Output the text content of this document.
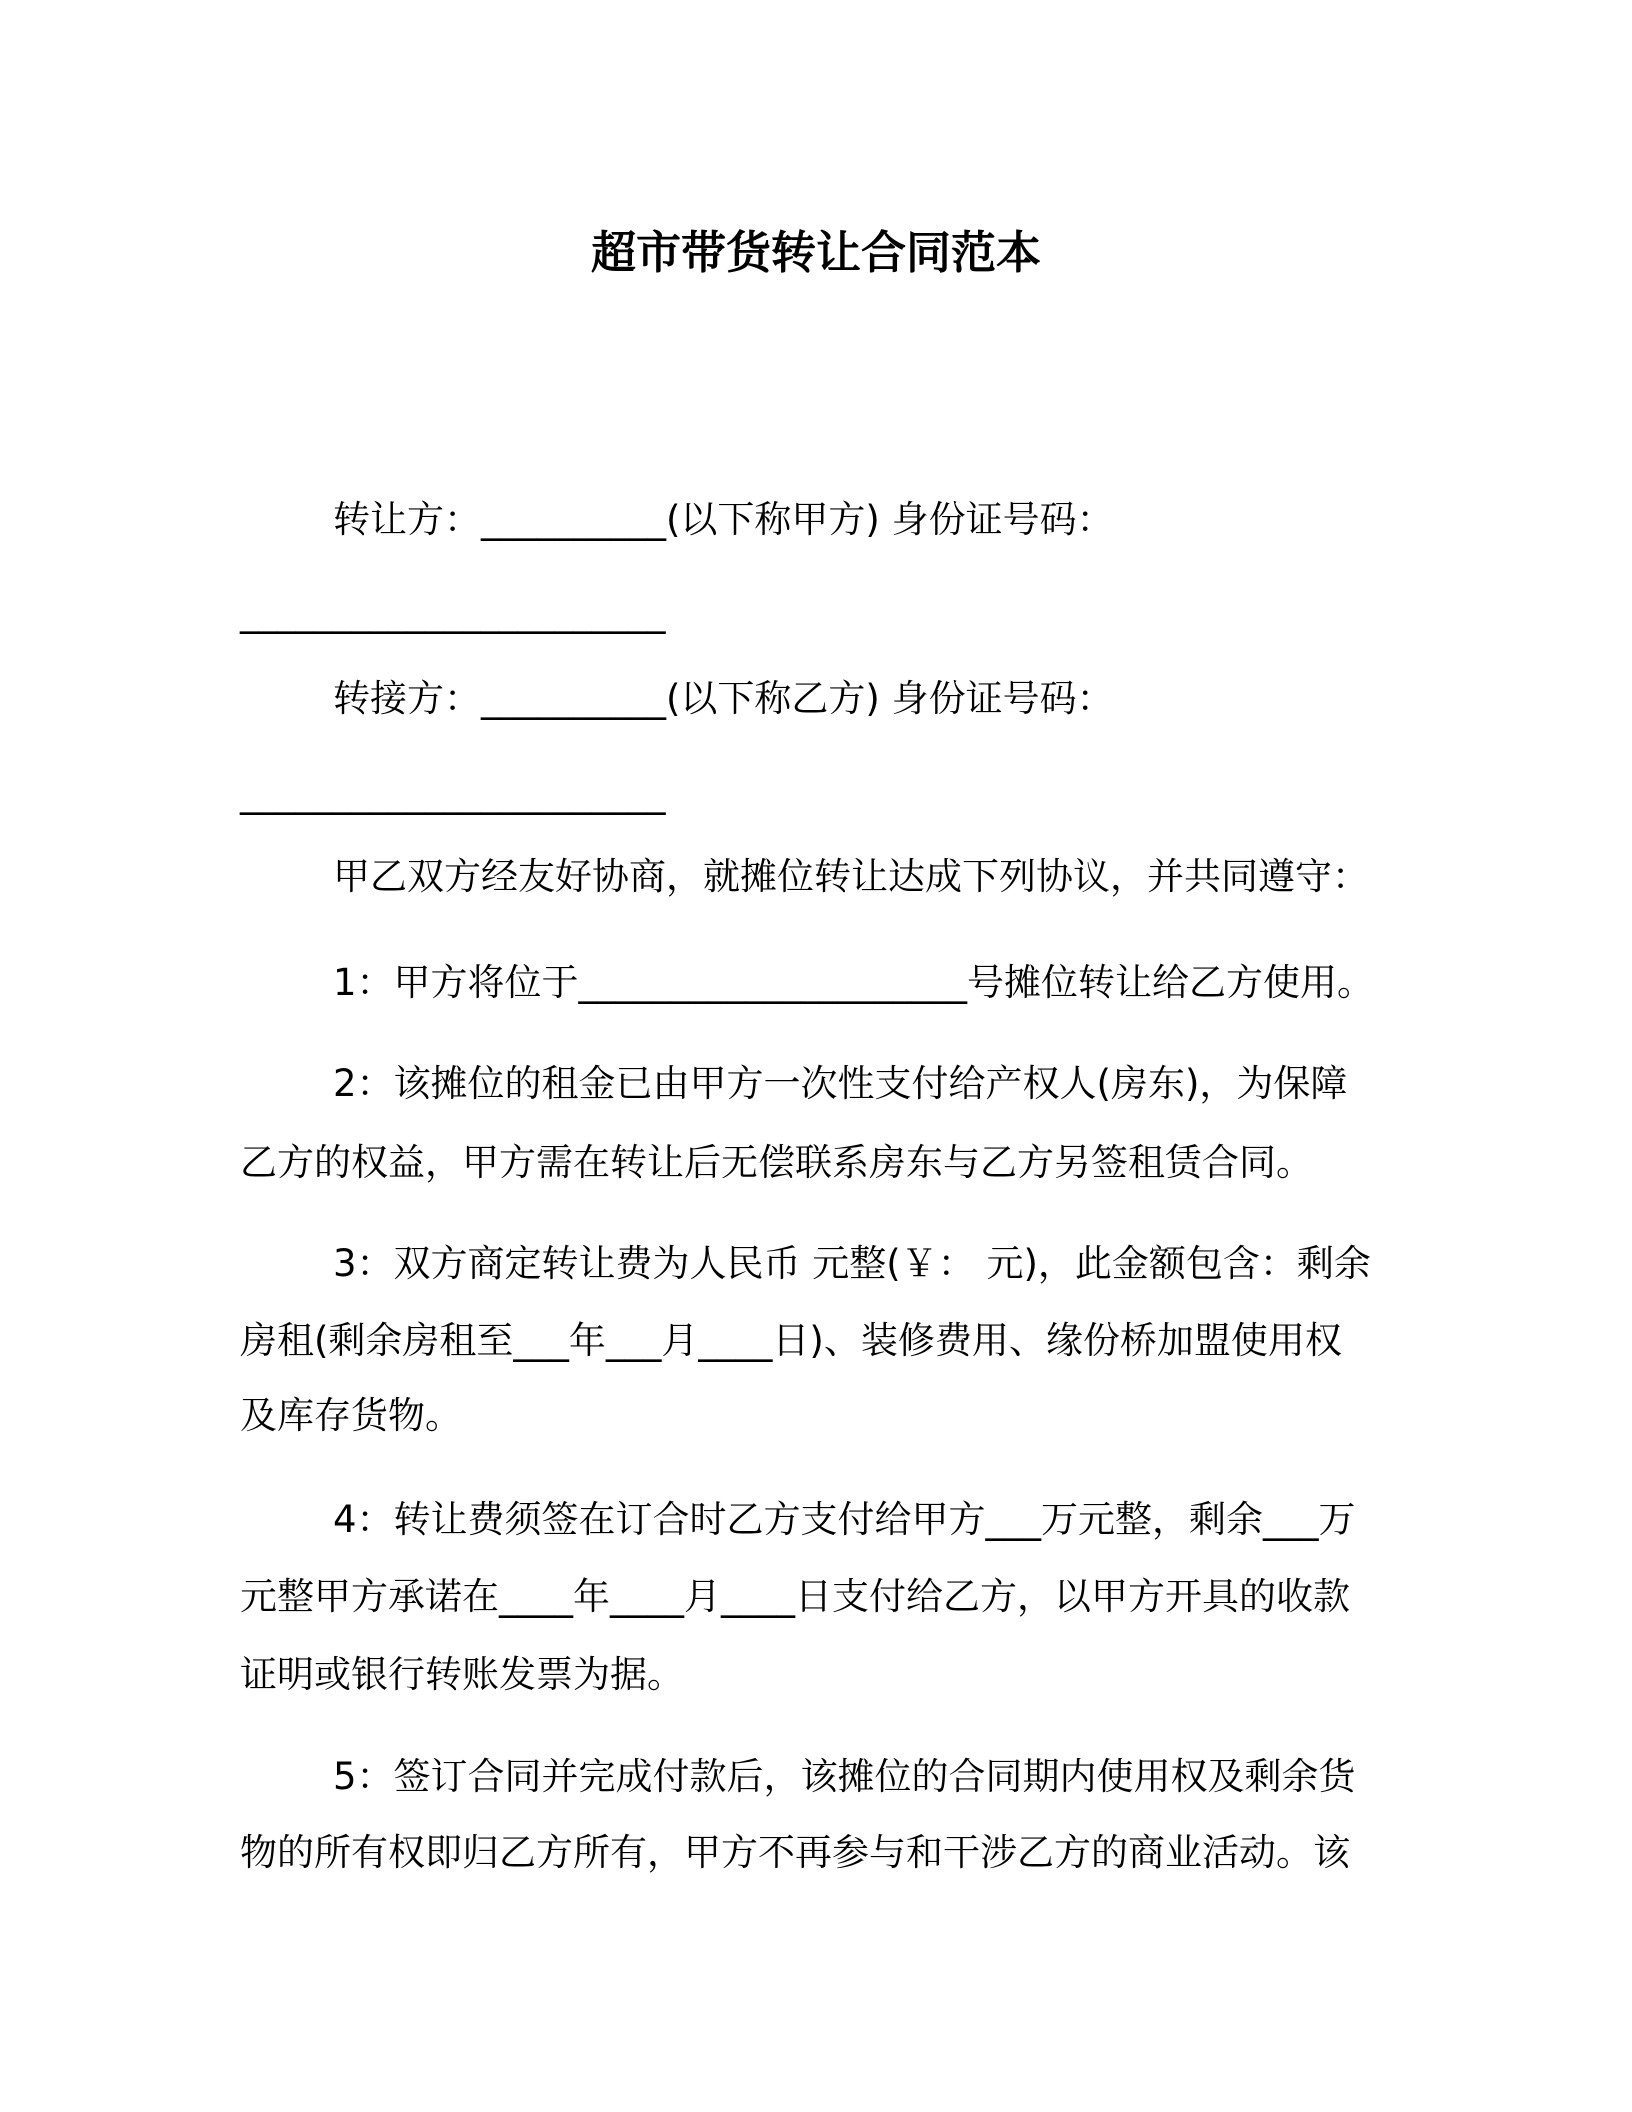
超市带货转让合同范本
转让方：__________(以下称甲方) 身份证号码：
_______________________
转接方：__________(以下称乙方) 身份证号码：
_______________________
甲乙双方经友好协商，就摊位转让达成下列协议，并共同遵守：
1：甲方将位于_____________________号摊位转让给乙方使用。
2：该摊位的租金已由甲方一次性支付给产权人(房东)，为保障
乙方的权益，甲方需在转让后无偿联系房东与乙方另签租赁合同。
3：双方商定转让费为人民币 元整(￥： 元)，此金额包含：剩余
房租(剩余房租至___年___月____日)、装修费用、缘份桥加盟使用权
及库存货物。
4：转让费须签在订合时乙方支付给甲方___万元整，剩余___万
元整甲方承诺在____年____月____日支付给乙方，以甲方开具的收款
证明或银行转账发票为据。
5：签订合同并完成付款后，该摊位的合同期内使用权及剩余货
物的所有权即归乙方所有，甲方不再参与和干涉乙方的商业活动。该
